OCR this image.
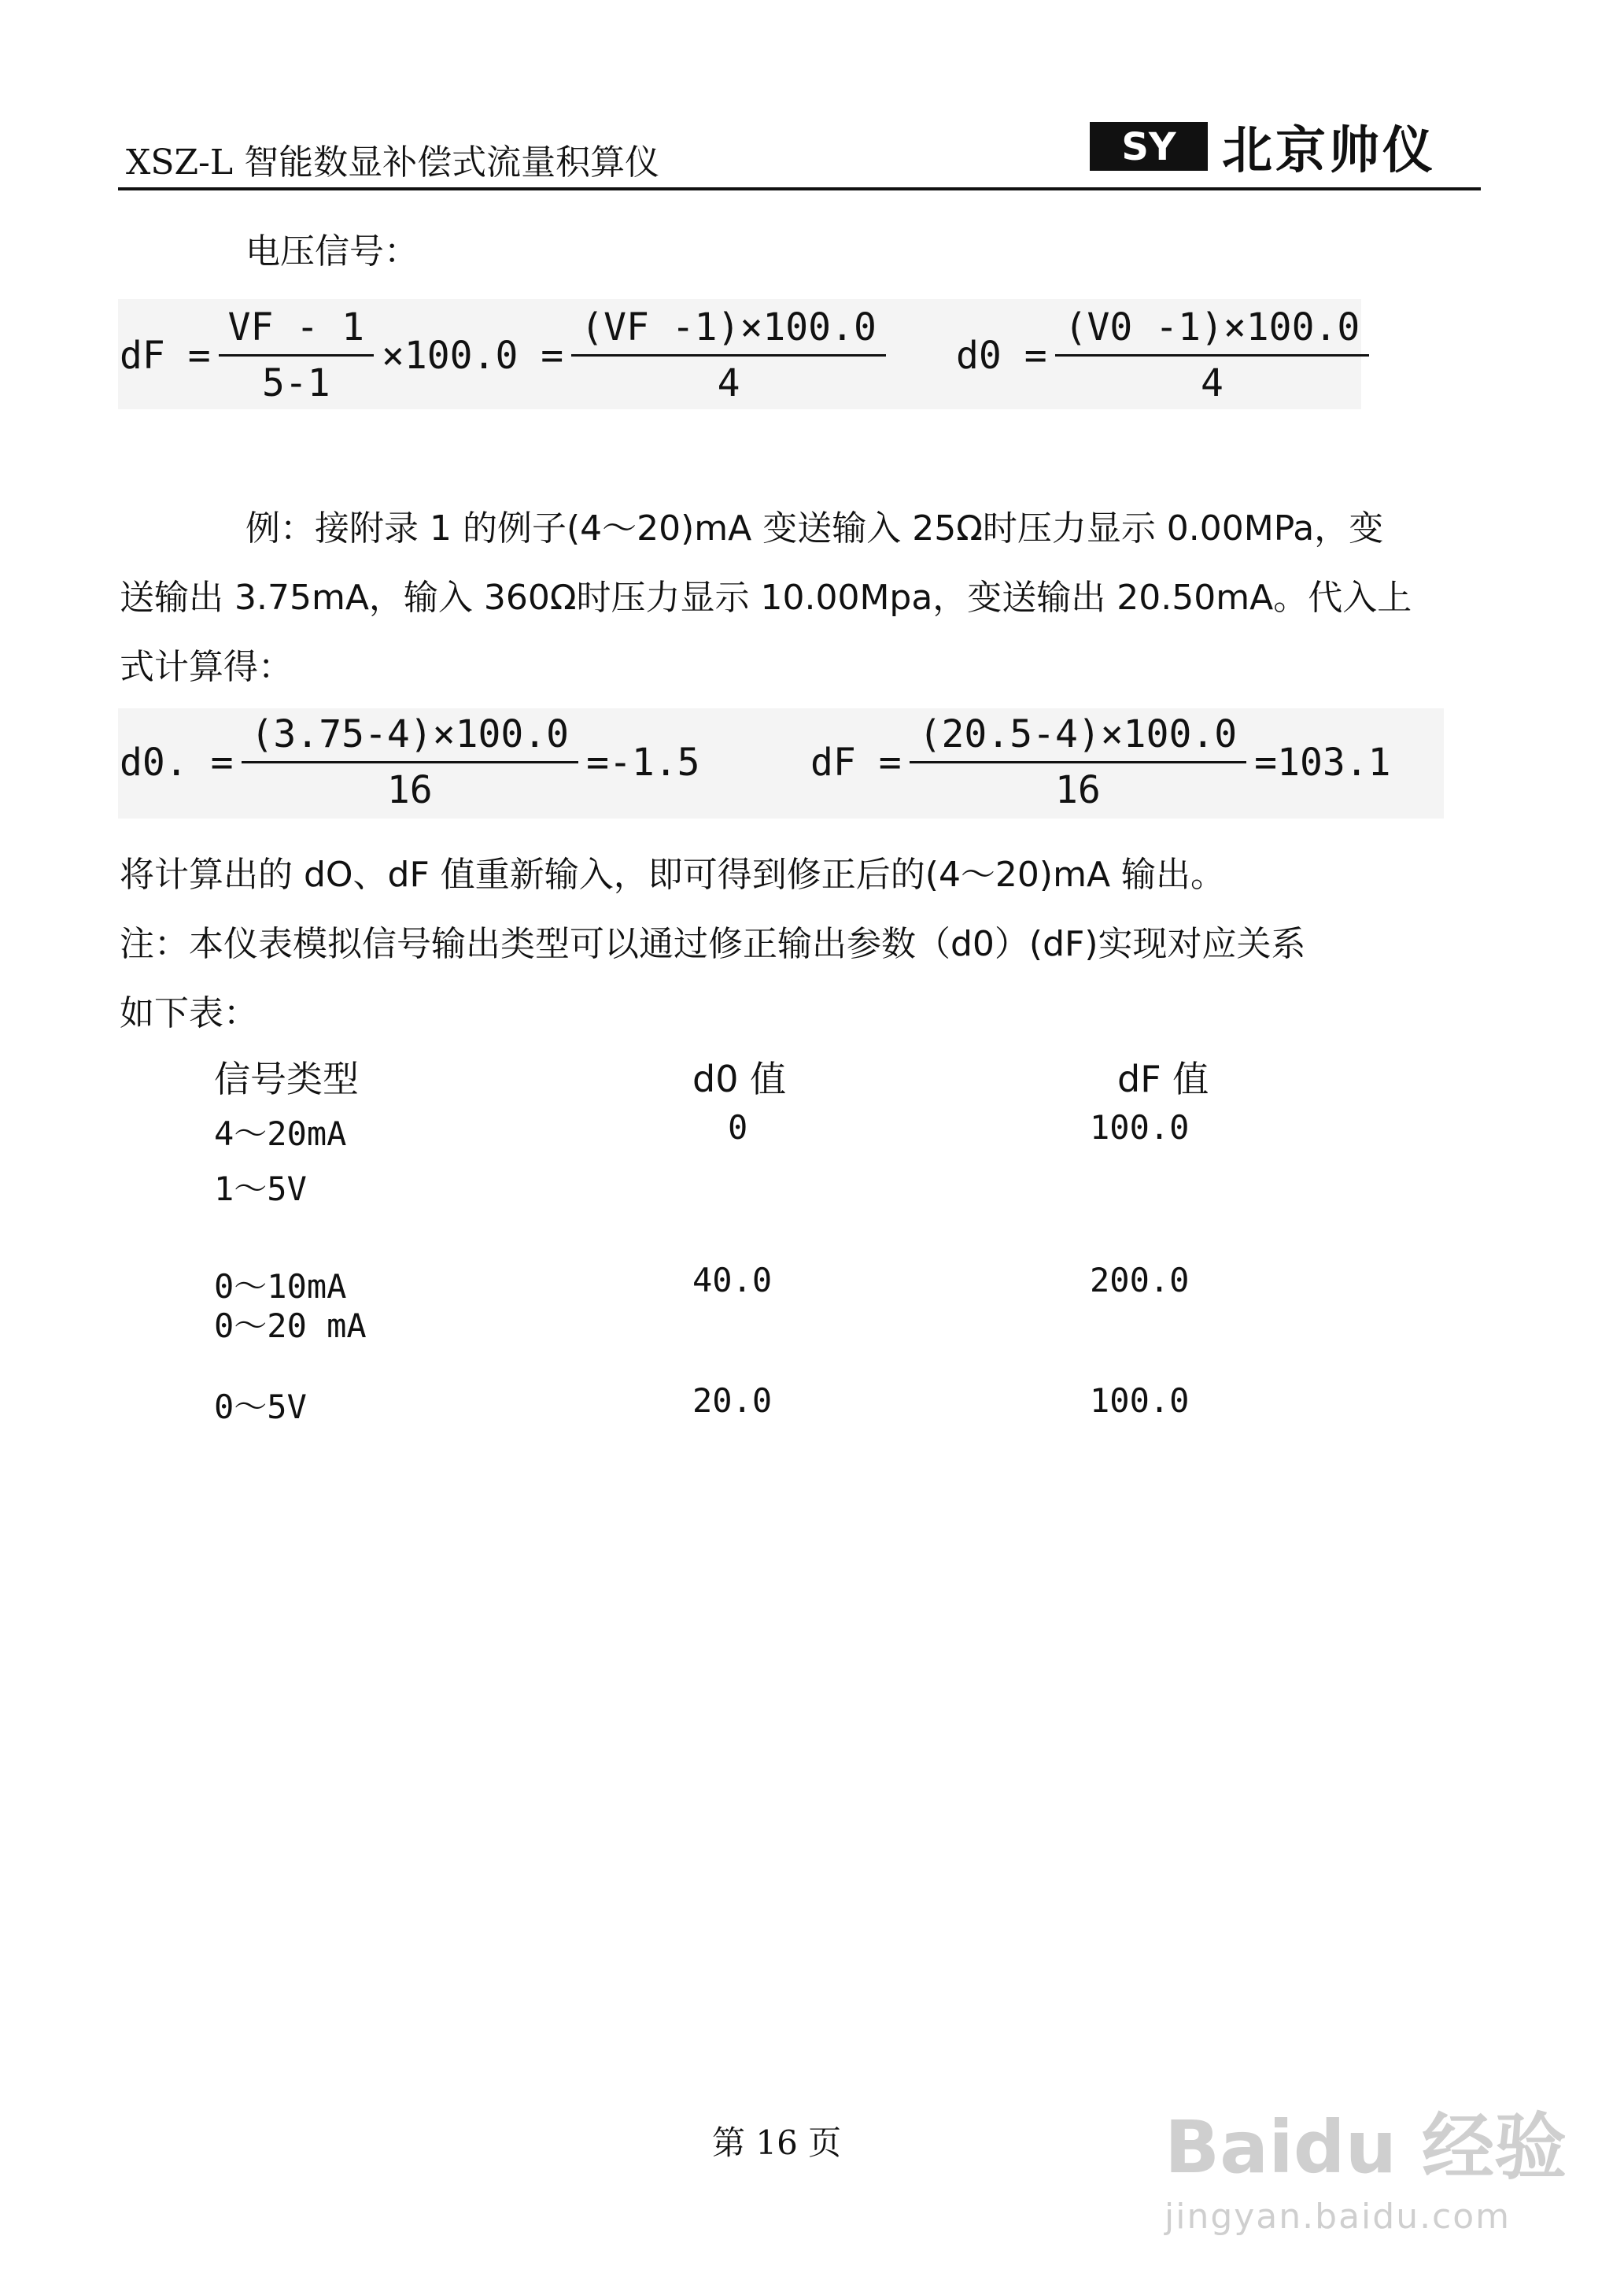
XSZ-L 智能数显补偿式流量积算仪	SY 北京帅仪
电压信号：
dF = $\frac{VF - 1}{5-1} \times 100.0 = \frac{(VF -1)\times 100.0}{4} d0 = \frac{(V0 -1)\times 100.0}{4}$
例：接附录 1 的例子(4～20)mA 变送输入 25Ω时压力显示 0.00MPa，变
送输出 3.75mA，输入 360Ω时压力显示 10.00Mpa，变送输出 20.50mA。代入上
式计算得：
d0. = $\frac{(3.75-4)\times 100.0}{16} =-1.5$	dF = $\frac{(20.5-4)\times 100.0}{16} =103.1$
将计算出的 dO、dF 值重新输入，即可得到修正后的(4～20)mA 输出。
注：本仪表模拟信号输出类型可以通过修正输出参数（d0）(dF)实现对应关系
如下表：
信号类型	d0 值	dF 值
4～20mA	0	100.0
1～5V
0～10mA	40.0	200.0
0～20 mA
0～5V	20.0	100.0
第 16 页	Baidu 经验
jingyan.baidu.com
